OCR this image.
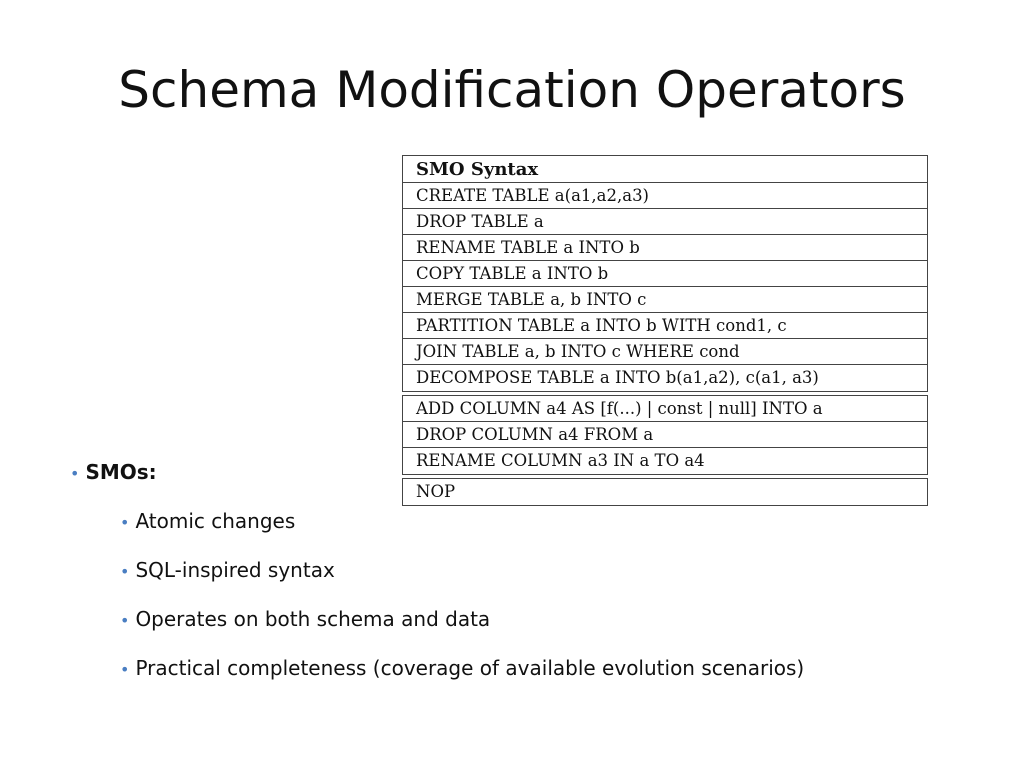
Schema Modification Operators
SMO Syntax
CREATE TABLE a(a1,a2,a3)
DROP TABLE a
RENAME TABLE a INTO b
COPY TABLE a INTO b
MERGE TABLE a, b INTO c
PARTITION TABLE a INTO b WITH cond1, c
JOIN TABLE a, b INTO c WHERE cond
DECOMPOSE TABLE a INTO b(a1,a2), c(a1, a3)
ADD COLUMN a4 AS [f(...) | const | null] INTO a
DROP COLUMN a4 FROM a
RENAME COLUMN a3 IN a TO a4
NOP
• SMOs:
• Atomic changes
• SQL-inspired syntax
• Operates on both schema and data
• Practical completeness (coverage of available evolution scenarios)
